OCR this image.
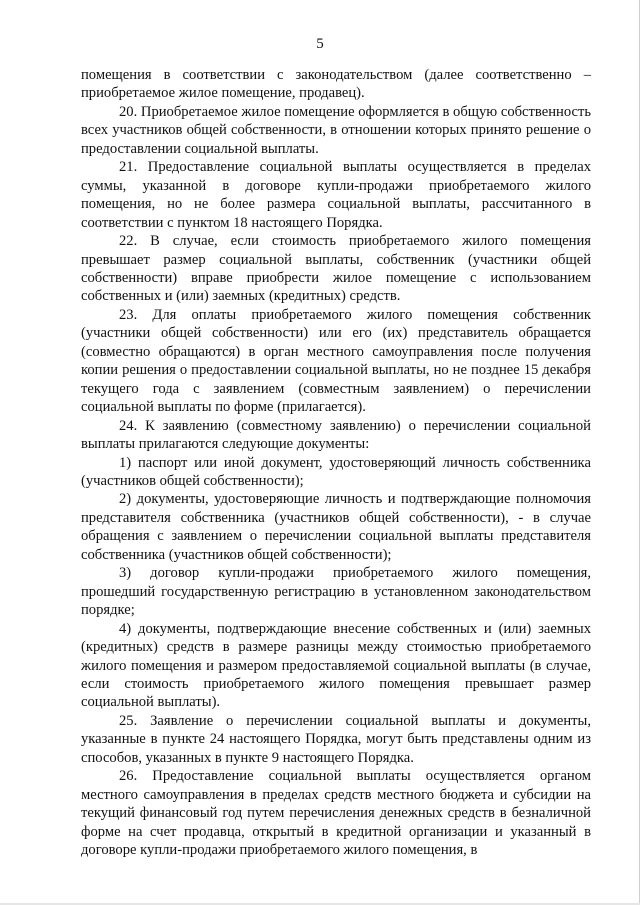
5

помещения в соответствии с законодательством (далее соответственно – приобретаемое жилое помещение, продавец).

20. Приобретаемое жилое помещение оформляется в общую собственность всех участников общей собственности, в отношении которых принято решение о предоставлении социальной выплаты.

21. Предоставление социальной выплаты осуществляется в пределах суммы, указанной в договоре купли-продажи приобретаемого жилого помещения, но не более размера социальной выплаты, рассчитанного в соответствии с пунктом 18 настоящего Порядка.

22. В случае, если стоимость приобретаемого жилого помещения превышает размер социальной выплаты, собственник (участники общей собственности) вправе приобрести жилое помещение с использованием собственных и (или) заемных (кредитных) средств.

23. Для оплаты приобретаемого жилого помещения собственник (участники общей собственности) или его (их) представитель обращается (совместно обращаются) в орган местного самоуправления после получения копии решения о предоставлении социальной выплаты, но не позднее 15 декабря текущего года с заявлением (совместным заявлением) о перечислении социальной выплаты по форме (прилагается).

24. К заявлению (совместному заявлению) о перечислении социальной выплаты прилагаются следующие документы:

1) паспорт или иной документ, удостоверяющий личность собственника (участников общей собственности);

2) документы, удостоверяющие личность и подтверждающие полномочия представителя собственника (участников общей собственности), - в случае обращения с заявлением о перечислении социальной выплаты представителя собственника (участников общей собственности);

3) договор купли-продажи приобретаемого жилого помещения, прошедший государственную регистрацию в установленном законодательством порядке;

4) документы, подтверждающие внесение собственных и (или) заемных (кредитных) средств в размере разницы между стоимостью приобретаемого жилого помещения и размером предоставляемой социальной выплаты (в случае, если стоимость приобретаемого жилого помещения превышает размер социальной выплаты).

25. Заявление о перечислении социальной выплаты и документы, указанные в пункте 24 настоящего Порядка, могут быть представлены одним из способов, указанных в пункте 9 настоящего Порядка.

26. Предоставление социальной выплаты осуществляется органом местного самоуправления в пределах средств местного бюджета и субсидии на текущий финансовый год путем перечисления денежных средств в безналичной форме на счет продавца, открытый в кредитной организации и указанный в договоре купли-продажи приобретаемого жилого помещения, в
